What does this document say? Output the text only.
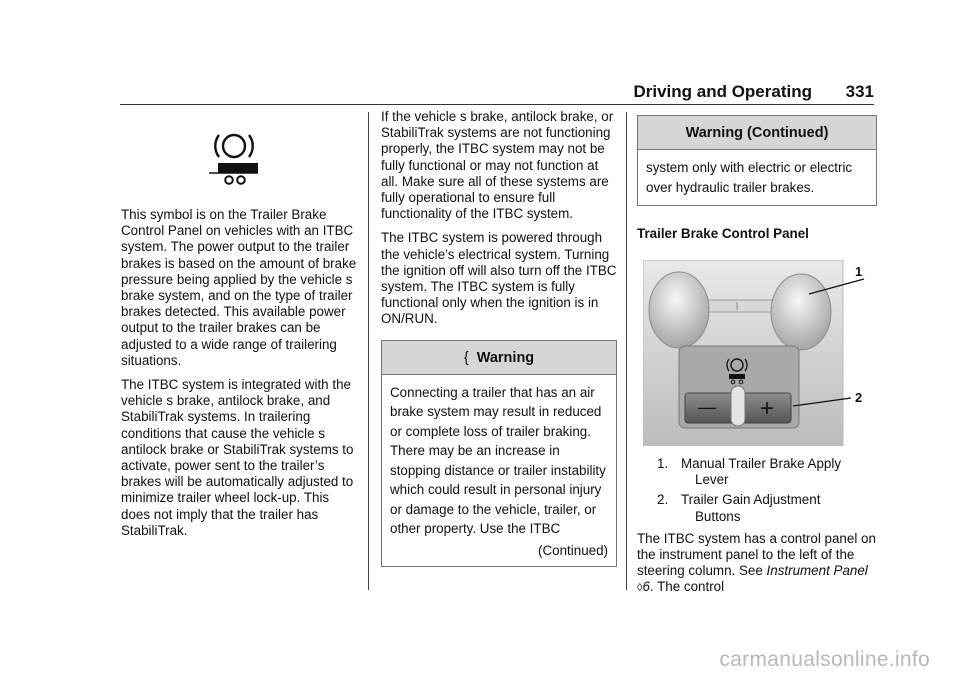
Driving and Operating 331

This symbol is on the Trailer Brake Control Panel on vehicles with an ITBC system. The power output to the trailer brakes is based on the amount of brake pressure being applied by the vehicle s brake system, and on the type of trailer brakes detected. This available power output to the trailer brakes can be adjusted to a wide range of trailering situations.

The ITBC system is integrated with the vehicle s brake, antilock brake, and StabiliTrak systems. In trailering conditions that cause the vehicle s antilock brake or StabiliTrak systems to activate, power sent to the trailer’s brakes will be automatically adjusted to minimize trailer wheel lock-up. This does not imply that the trailer has StabiliTrak.

If the vehicle s brake, antilock brake, or StabiliTrak systems are not functioning properly, the ITBC system may not be fully functional or may not function at all. Make sure all of these systems are fully operational to ensure full functionality of the ITBC system.

The ITBC system is powered through the vehicle’s electrical system. Turning the ignition off will also turn off the ITBC system. The ITBC system is fully functional only when the ignition is in ON/RUN.

{ Warning
Connecting a trailer that has an air brake system may result in reduced or complete loss of trailer braking. There may be an increase in stopping distance or trailer instability which could result in personal injury or damage to the vehicle, trailer, or other property. Use the ITBC
(Continued)
Warning (Continued)
system only with electric or electric over hydraulic trailer brakes.
Trailer Brake Control Panel
— +
1
2
1. Manual Trailer Brake Apply
Lever
2. Trailer Gain Adjustment
Buttons

The ITBC system has a control panel on the instrument panel to the left of the steering column. See Instrument Panel ◊6. The control

carmanualsonline.info
